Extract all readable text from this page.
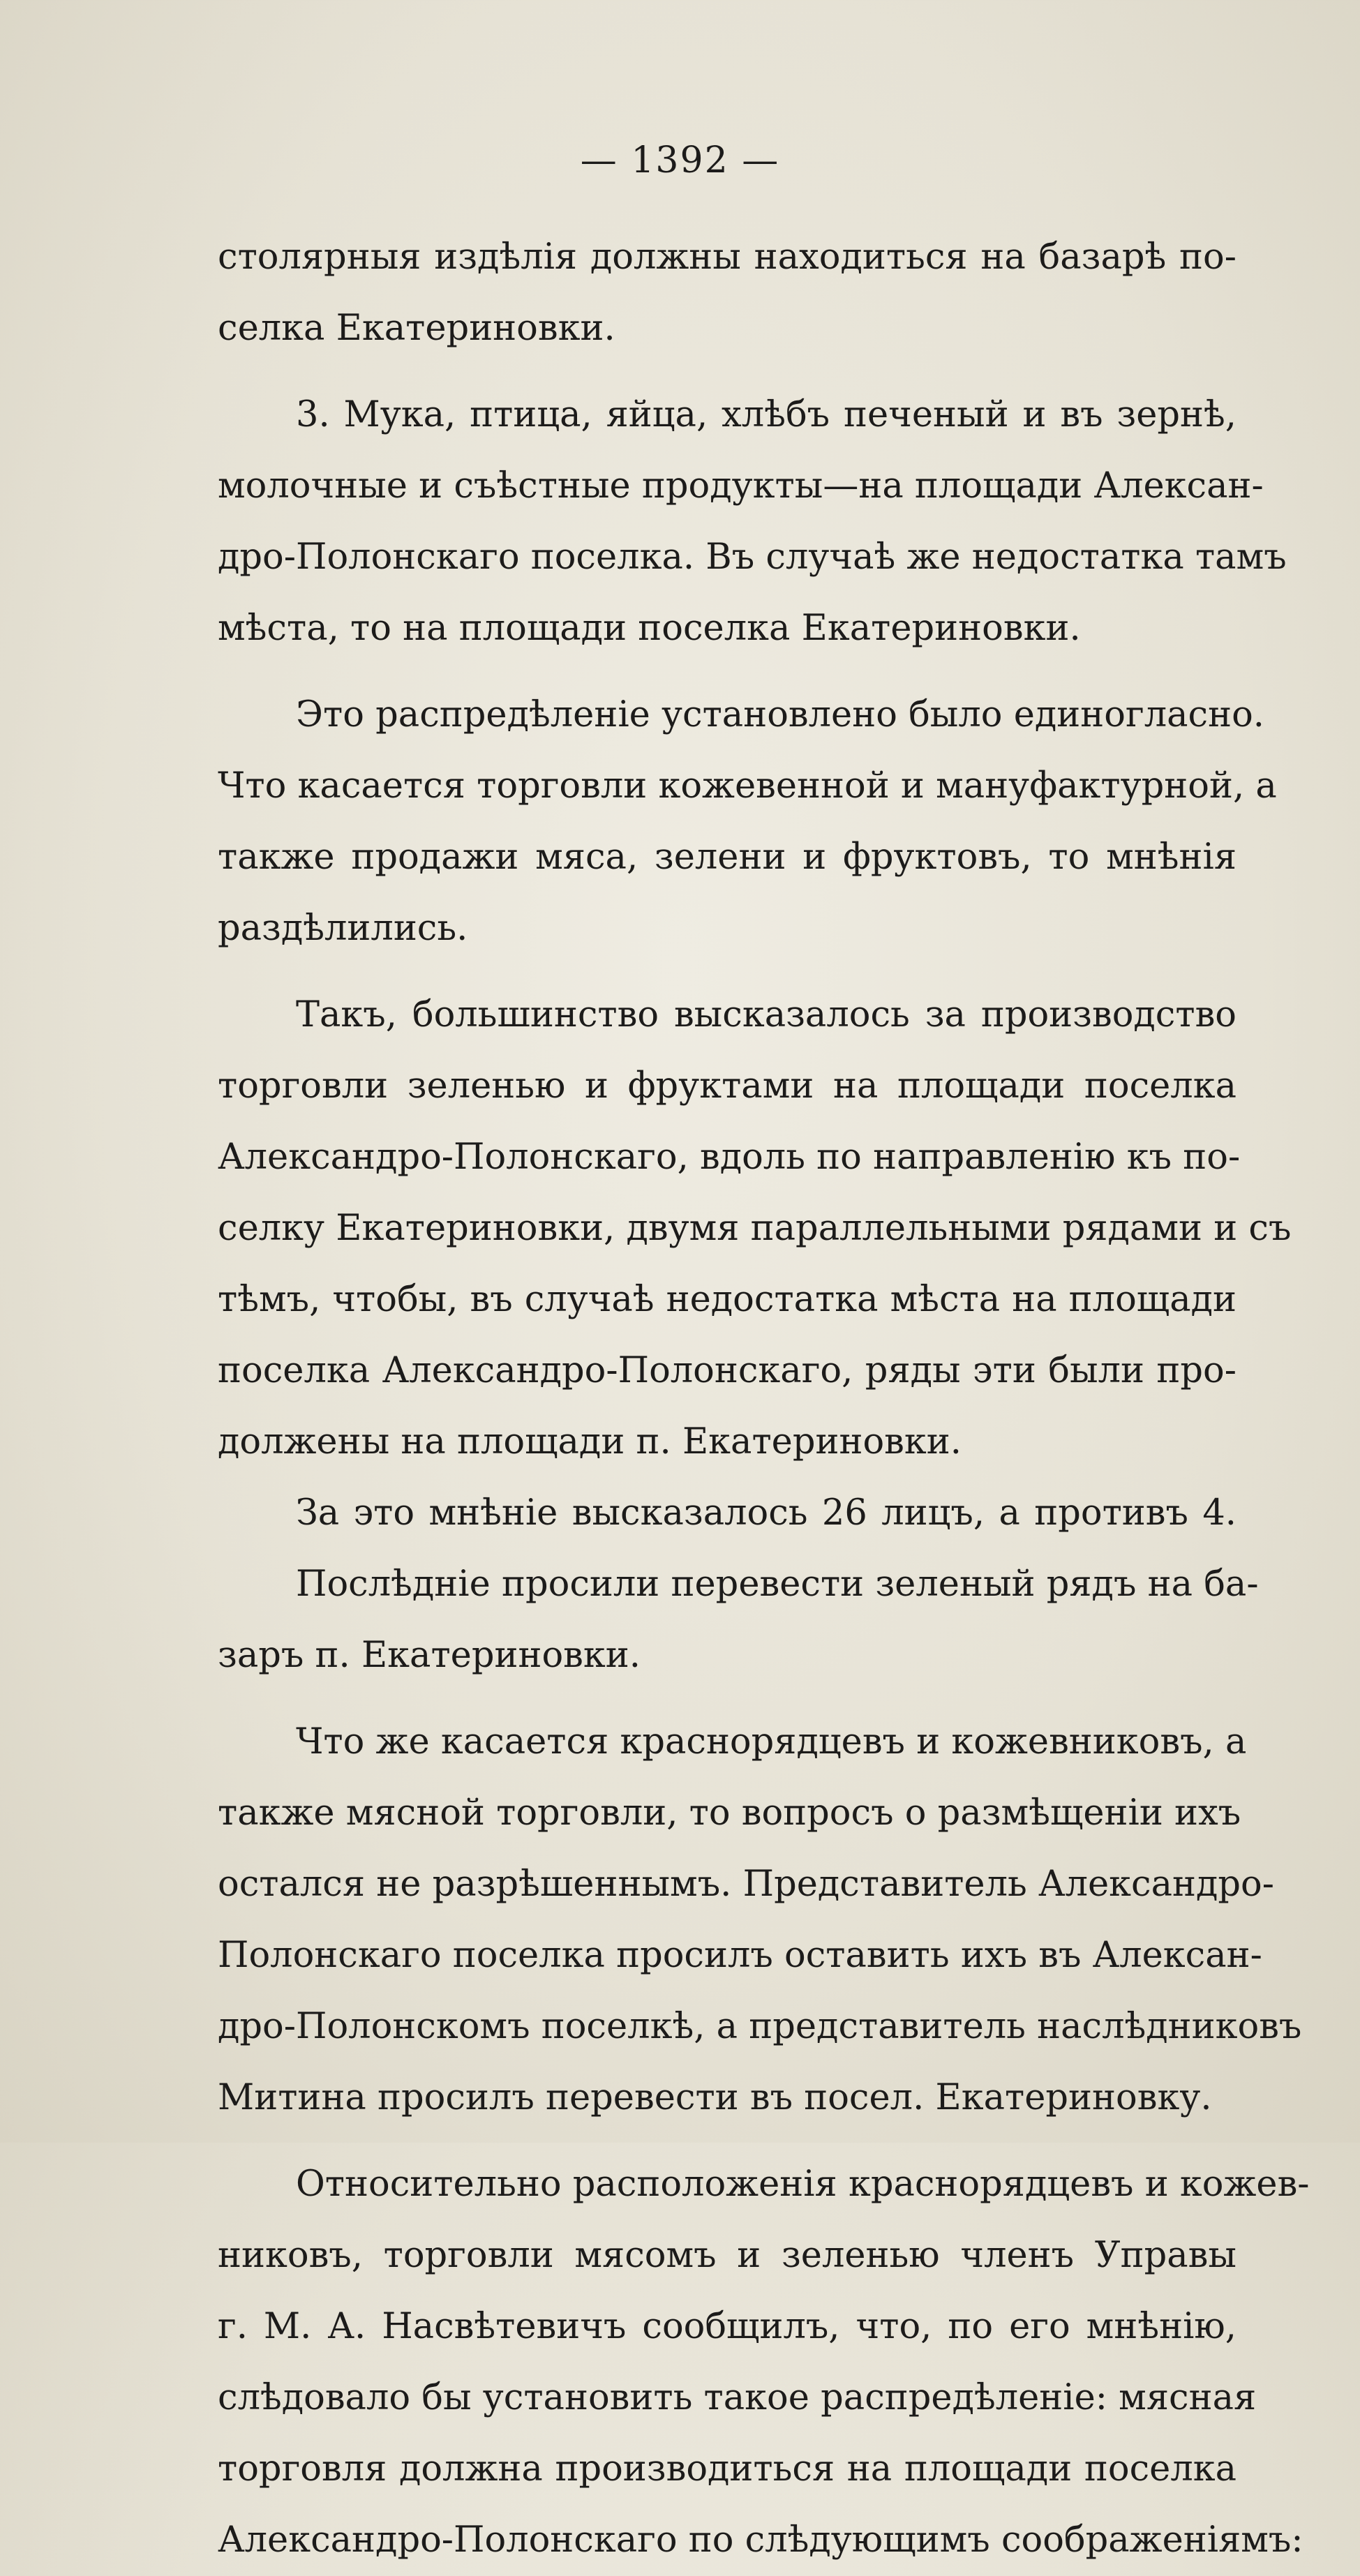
— 1392 —
столярныя издѣлія должны находиться на базарѣ по-
селка Екатериновки.
3. Мука, птица, яйца, хлѣбъ печеный и въ зернѣ,
молочные и съѣстные продукты—на площади Алексан-
дро-Полонскаго поселка. Въ случаѣ же недостатка тамъ
мѣста, то на площади поселка Екатериновки.
Это распредѣленіе установлено было единогласно.
Что касается торговли кожевенной и мануфактурной, а
также продажи мяса, зелени и фруктовъ, то мнѣнія
раздѣлились.
Такъ, большинство высказалось за производство
торговли зеленью и фруктами на площади поселка
Александро-Полонскаго, вдоль по направленію къ по-
селку Екатериновки, двумя параллельными рядами и съ
тѣмъ, чтобы, въ случаѣ недостатка мѣста на площади
поселка Александро-Полонскаго, ряды эти были про-
должены на площади п. Екатериновки.
За это мнѣніе высказалось 26 лицъ, а противъ 4.
Послѣдніе просили перевести зеленый рядъ на ба-
заръ п. Екатериновки.
Что же касается краснорядцевъ и кожевниковъ, а
также мясной торговли, то вопросъ о размѣщеніи ихъ
остался не разрѣшеннымъ. Представитель Александро-
Полонскаго поселка просилъ оставить ихъ въ Алексан-
дро-Полонскомъ поселкѣ, а представитель наслѣдниковъ
Митина просилъ перевести въ посел. Екатериновку.
Относительно расположенія краснорядцевъ и кожев-
никовъ, торговли мясомъ и зеленью членъ Управы
г. М. А. Насвѣтевичъ сообщилъ, что, по его мнѣнію,
слѣдовало бы установить такое распредѣленіе: мясная
торговля должна производиться на площади поселка
Александро-Полонскаго по слѣдующимъ соображеніямъ:
